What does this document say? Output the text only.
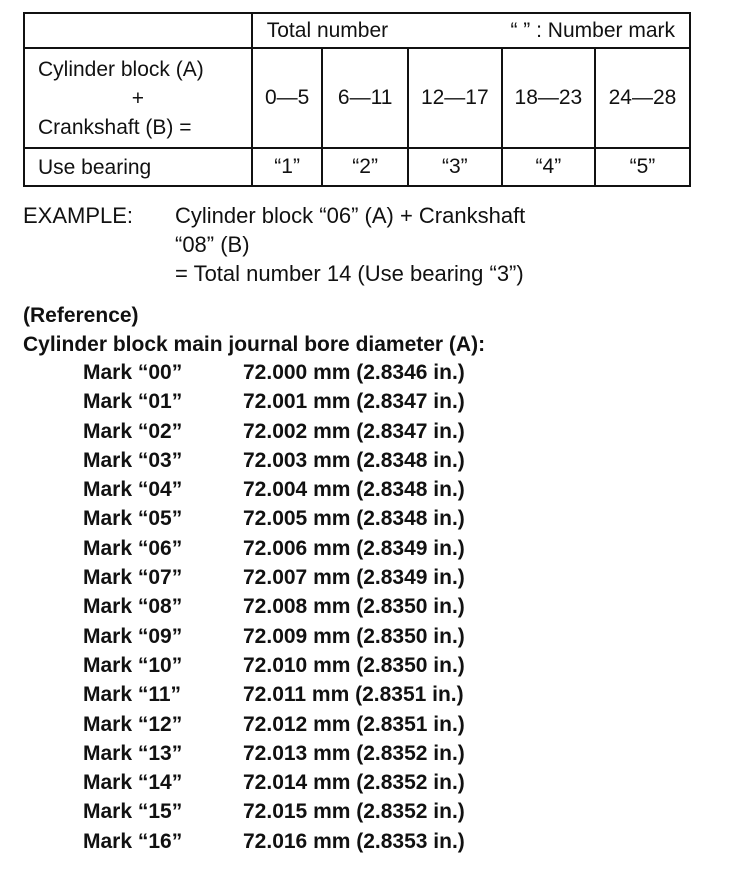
	Total number “ ” : Number mark				

Cylinder block (A)
+
Crankshaft (B) =	0—5	6—11	12—17	18—23	24—28
Use bearing	“1”	“2”	“3”	“4”	“5”
EXAMPLE: Cylinder block “06” (A) + Crankshaft
“08” (B)
= Total number 14 (Use bearing “3”)
(Reference)
Cylinder block main journal bore diameter (A):
Mark “00”	72.000 mm (2.8346 in.)
Mark “01”	72.001 mm (2.8347 in.)
Mark “02”	72.002 mm (2.8347 in.)
Mark “03”	72.003 mm (2.8348 in.)
Mark “04”	72.004 mm (2.8348 in.)
Mark “05”	72.005 mm (2.8348 in.)
Mark “06”	72.006 mm (2.8349 in.)
Mark “07”	72.007 mm (2.8349 in.)
Mark “08”	72.008 mm (2.8350 in.)
Mark “09”	72.009 mm (2.8350 in.)
Mark “10”	72.010 mm (2.8350 in.)
Mark “11”	72.011 mm (2.8351 in.)
Mark “12”	72.012 mm (2.8351 in.)
Mark “13”	72.013 mm (2.8352 in.)
Mark “14”	72.014 mm (2.8352 in.)
Mark “15”	72.015 mm (2.8352 in.)
Mark “16”	72.016 mm (2.8353 in.)
